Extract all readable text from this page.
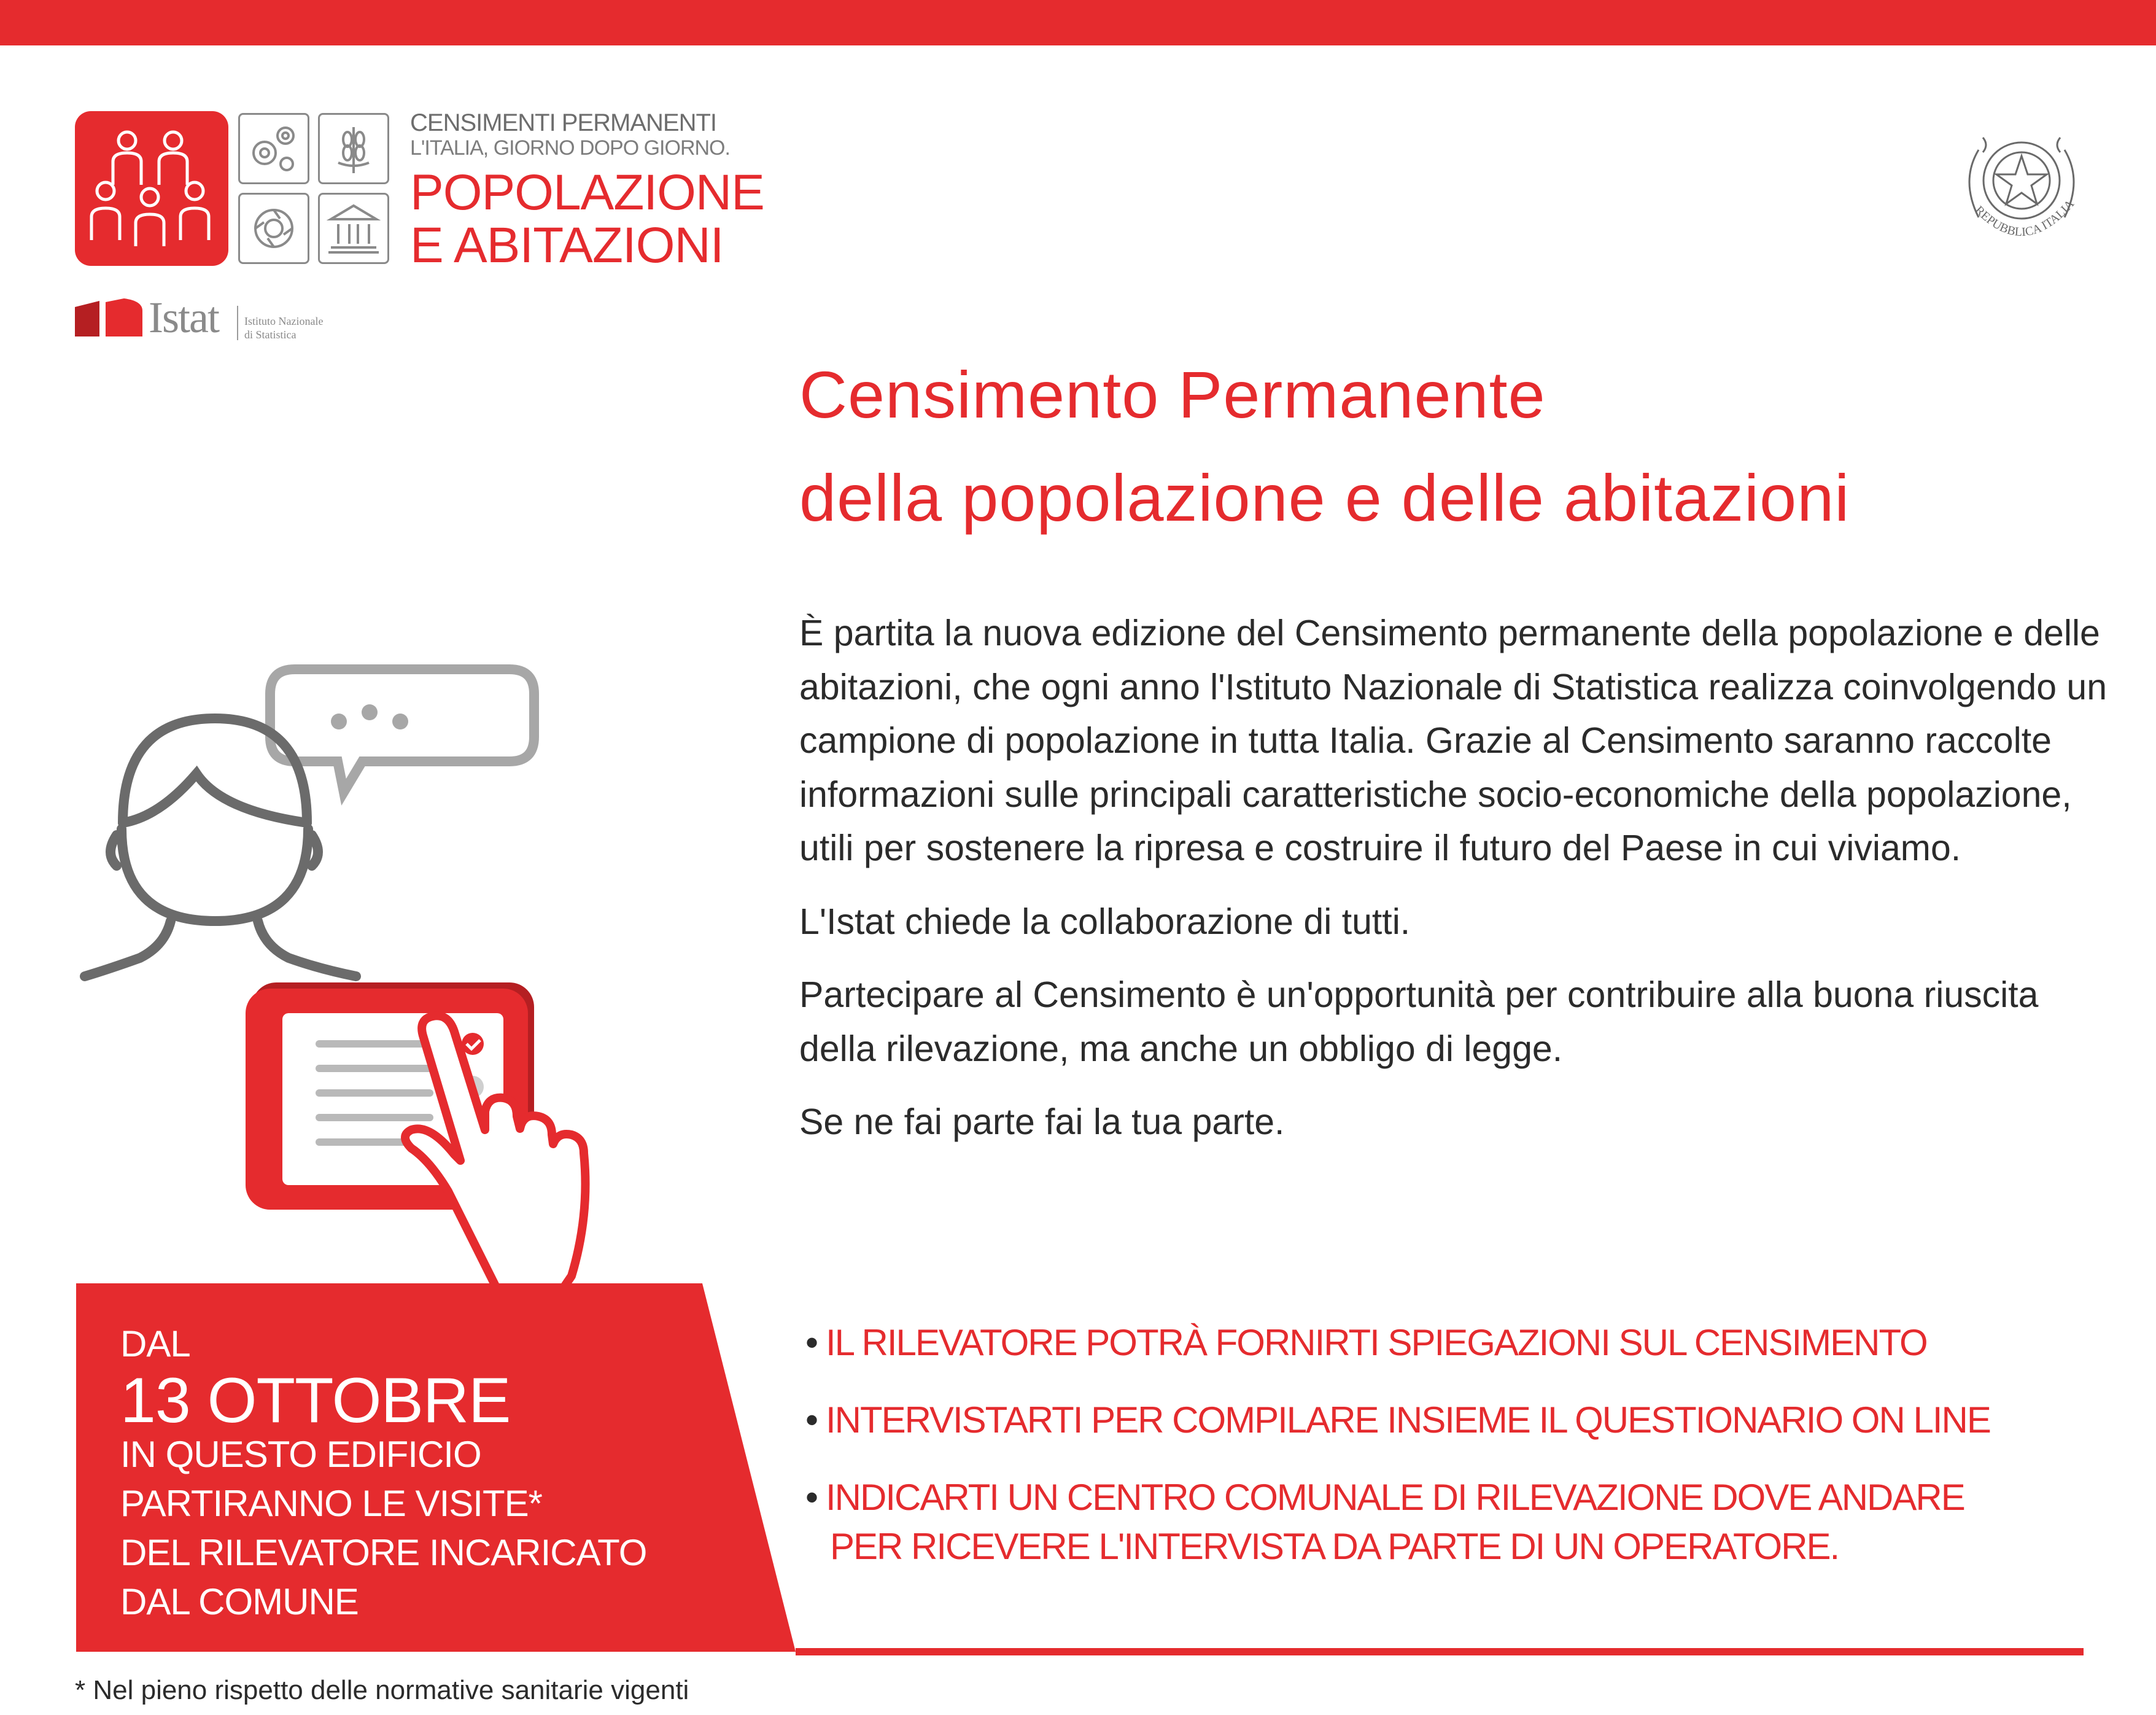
CENSIMENTI PERMANENTI
L'ITALIA, GIORNO DOPO GIORNO.
POPOLAZIONE
E ABITAZIONI
Istat Istituto Nazionale
di Statistica
REPUBBLICA ITALIA
Censimento Permanente
della popolazione e delle abitazioni

È partita la nuova edizione del Censimento permanente della popolazione e delle abitazioni, che ogni anno l'Istituto Nazionale di Statistica realizza coinvolgendo un campione di popolazione in tutta Italia. Grazie al Censimento saranno raccolte informazioni sulle principali caratteristiche socio-economiche della popolazione, utili per sostenere la ripresa e costruire il futuro del Paese in cui viviamo.

L'Istat chiede la collaborazione di tutti.

Partecipare al Censimento è un'opportunità per contribuire alla buona riuscita della rilevazione, ma anche un obbligo di legge.

Se ne fai parte fai la tua parte.

DAL
13 OTTOBRE
IN QUESTO EDIFICIO
PARTIRANNO LE VISITE*
DEL RILEVATORE INCARICATO
DAL COMUNE
• IL RILEVATORE POTRÀ FORNIRTI SPIEGAZIONI SUL CENSIMENTO
• INTERVISTARTI PER COMPILARE INSIEME IL QUESTIONARIO ON LINE
• INDICARTI UN CENTRO COMUNALE DI RILEVAZIONE DOVE ANDARE
PER RICEVERE L'INTERVISTA DA PARTE DI UN OPERATORE.
* Nel pieno rispetto delle normative sanitarie vigenti
